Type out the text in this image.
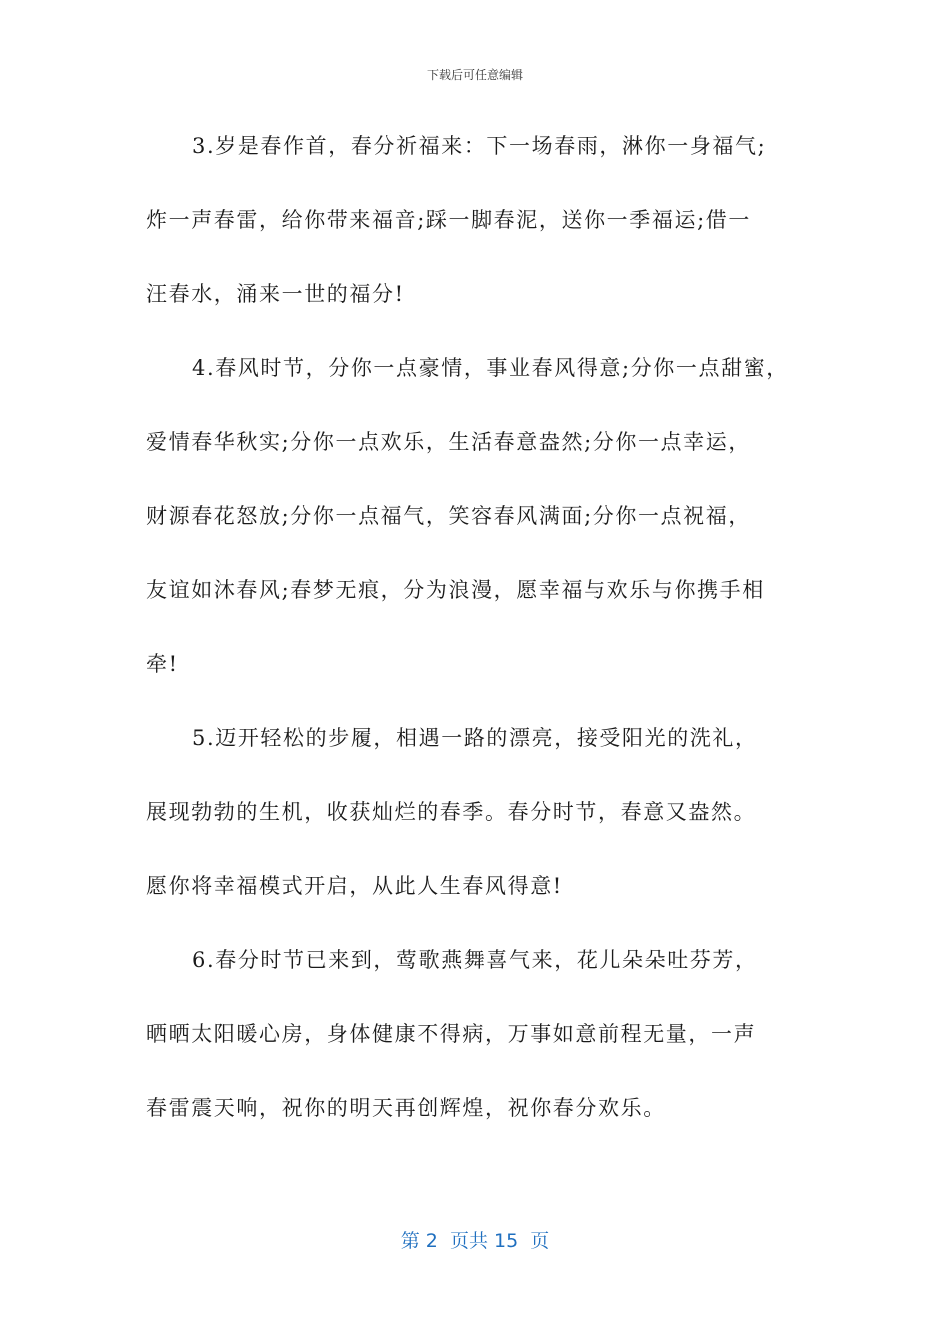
下载后可任意编辑
3.岁是春作首，春分祈福来：下一场春雨，淋你一身福气;
炸一声春雷，给你带来福音;踩一脚春泥，送你一季福运;借一
汪春水，涌来一世的福分!
4.春风时节，分你一点豪情，事业春风得意;分你一点甜蜜，
爱情春华秋实;分你一点欢乐，生活春意盎然;分你一点幸运，
财源春花怒放;分你一点福气，笑容春风满面;分你一点祝福，
友谊如沐春风;春梦无痕，分为浪漫，愿幸福与欢乐与你携手相
牵!
5.迈开轻松的步履，相遇一路的漂亮，接受阳光的洗礼，
展现勃勃的生机，收获灿烂的春季。春分时节，春意又盎然。
愿你将幸福模式开启，从此人生春风得意!
6.春分时节已来到，莺歌燕舞喜气来，花儿朵朵吐芬芳，
晒晒太阳暖心房，身体健康不得病，万事如意前程无量，一声
春雷震天响，祝你的明天再创辉煌，祝你春分欢乐。
第 2  页共 15  页
